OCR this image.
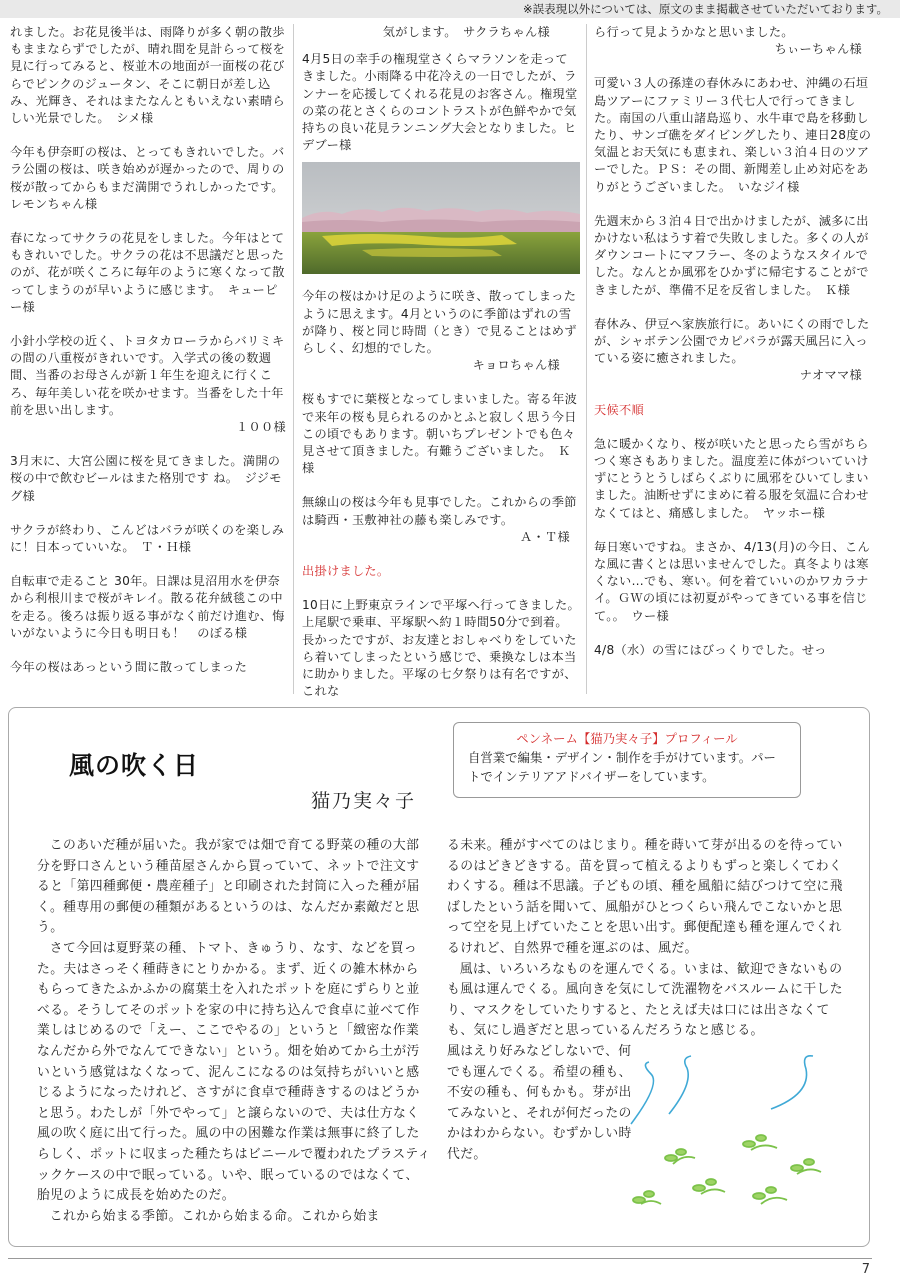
※誤表現以外については、原文のまま掲載させていただいております。

れました。お花見後半は、雨降りが多く朝の散歩もままならずでしたが、晴れ間を見計らって桜を見に行ってみると、桜並木の地面が一面桜の花びらでピンクのジュータン、そこに朝日が差し込み、光輝き、それはまたなんともいえない素晴らしい光景でした。　シメ様

今年も伊奈町の桜は、とってもきれいでした。バラ公園の桜は、咲き始めが遅かったので、周りの桜が散ってからもまだ満開でうれしかったです。　レモンちゃん様

春になってサクラの花見をしました。今年はとてもきれいでした。サクラの花は不思議だと思ったのが、花が咲くころに毎年のように寒くなって散ってしまうのが早いように感じます。　キューピー様

小針小学校の近く、トヨタカローラからバリミキの間の八重桜がきれいです。入学式の後の数週間、当番のお母さんが新１年生を迎えに行くころ、毎年美しい花を咲かせます。当番をした十年前を思い出します。
１００様

3月末に、大宮公園に桜を見てきました。満開の桜の中で飲むビールはまた格別です ね。　ジジモグ様

サクラが終わり、こんどはバラが咲くのを楽しみに！日本っていいな。　Ｔ・Ｈ様

自転車で走ること 30年。日課は見沼用水を伊奈から利根川まで桜がキレイ。散る花弁絨毯この中を走る。後ろは振り返る事がなく前だけ進む、悔いがないように今日も明日も！　のぼる様

今年の桜はあっという間に散ってしまった

気がします。　サクラちゃん様

4月5日の幸手の権現堂さくらマラソンを走ってきました。小雨降る中花冷えの一日でしたが、ランナーを応援してくれる花見のお客さん。権現堂の菜の花とさくらのコントラストが色鮮やかで気持ちの良い花見ランニング大会となりました。ヒデブー様

今年の桜はかけ足のように咲き、散ってしまったように思えます。4月というのに季節はずれの雪が降り、桜と同じ時間（とき）で見ることはめずらしく、幻想的でした。
キョロちゃん様

桜もすでに葉桜となってしまいました。寄る年波で来年の桜も見られるのかとふと寂しく思う今日この頃でもあります。朝いちプレゼントでも色々見させて頂きました。有難うございました。　Ｋ様

無線山の桜は今年も見事でした。これからの季節は騎西・玉敷神社の藤も楽しみです。
Ａ・Ｔ様
出掛けました。

10日に上野東京ラインで平塚へ行ってきました。上尾駅で乗車、平塚駅へ約１時間50分で到着。長かったですが、お友達とおしゃべりをしていたら着いてしまったという感じで、乗換なしは本当に助かりました。平塚の七夕祭りは有名ですが、これな

ら行って見ようかなと思いました。
ちぃーちゃん様

可愛い３人の孫達の春休みにあわせ、沖縄の石垣島ツアーにファミリー３代七人で行ってきました。南国の八重山諸島巡り、水牛車で島を移動したり、サンゴ礁をダイビングしたり、連日28度の気温とお天気にも恵まれ、楽しい３泊４日のツアーでした。ＰＳ：その間、新聞差し止め対応をありがとうございました。　いなジイ様

先週末から３泊４日で出かけましたが、滅多に出かけない私はうす着で失敗しました。多くの人がダウンコートにマフラー、冬のようなスタイルでした。なんとか風邪をひかずに帰宅することができましたが、準備不足を反省しました。　Ｋ様

春休み、伊豆へ家族旅行に。あいにくの雨でしたが、シャボテン公園でカピバラが露天風呂に入っている姿に癒されました。
ナオママ様
天候不順

急に暖かくなり、桜が咲いたと思ったら雪がちらつく寒さもありました。温度差に体がついていけずにとうとうしばらくぶりに風邪をひいてしまいました。油断せずにまめに着る服を気温に合わせなくてはと、痛感しました。　ヤッホー様

毎日寒いですね。まさか、4/13(月)の今日、こんな風に書くとは思いませんでした。真冬よりは寒くない…でも、寒い。何を着ていいのかワカラナイ。ＧＷの頃には初夏がやってきている事を信じて。。　ウー様

4/8（水）の雪にはびっくりでした。せっ

風の吹く日
猫乃実々子
ペンネーム【猫乃実々子】プロフィール
自営業で編集・デザイン・制作を手がけています。パートでインテリアアドバイザーをしています。

このあいだ種が届いた。我が家では畑で育てる野菜の種の大部分を野口さんという種苗屋さんから買っていて、ネットで注文すると「第四種郵便・農産種子」と印刷された封筒に入った種が届く。種専用の郵便の種類があるというのは、なんだか素敵だと思う。

さて今回は夏野菜の種、トマト、きゅうり、なす、などを買った。夫はさっそく種蒔きにとりかかる。まず、近くの雑木林からもらってきたふかふかの腐葉土を入れたポットを庭にずらりと並べる。そうしてそのポットを家の中に持ち込んで食卓に並べて作業しはじめるので「えー、ここでやるの」というと「緻密な作業なんだから外でなんてできない」という。畑を始めてから土が汚いという感覚はなくなって、泥んこになるのは気持ちがいいと感じるようになったけれど、さすがに食卓で種蒔きするのはどうかと思う。わたしが「外でやって」と譲らないので、夫は仕方なく風の吹く庭に出て行った。風の中の困難な作業は無事に終了したらしく、ポットに収まった種たちはビニールで覆われたプラスティックケースの中で眠っている。いや、眠っているのではなくて、胎児のように成長を始めたのだ。

これから始まる季節。これから始まる命。これから始ま

る未来。種がすべてのはじまり。種を蒔いて芽が出るのを待っているのはどきどきする。苗を買って植えるよりもずっと楽しくてわくわくする。種は不思議。子どもの頃、種を風船に結びつけて空に飛ばしたという話を聞いて、風船がひとつくらい飛んでこないかと思って空を見上げていたことを思い出す。郵便配達も種を運んでくれるけれど、自然界で種を運ぶのは、風だ。

風は、いろいろなものを運んでくる。いまは、歓迎できないものも風は運んでくる。風向きを気にして洗濯物をバスルームに干したり、マスクをしていたりすると、たとえば夫は口には出さなくても、気にし過ぎだと思っているんだろうなと感じる。

風はえり好みなどしないで、何でも運んでくる。希望の種も、不安の種も、何もかも。芽が出てみないと、それが何だったのかはわからない。むずかしい時代だ。

7
